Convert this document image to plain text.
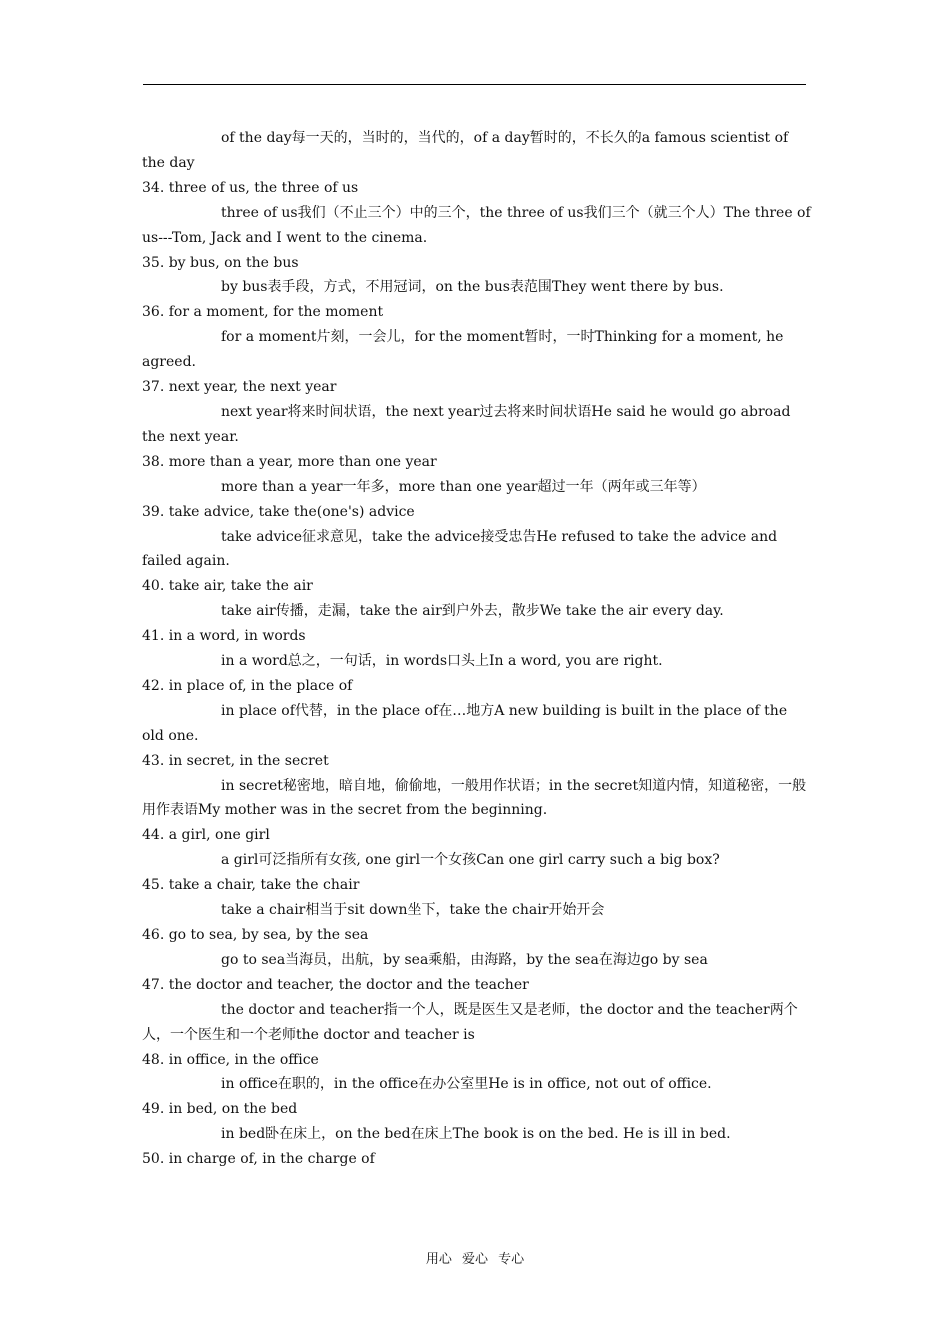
of the day每一天的，当时的，当代的，of a day暂时的，不长久的a famous scientist of the day

34. three of us, the three of us

three of us我们（不止三个）中的三个，the three of us我们三个（就三个人）The three of us---Tom, Jack and I went to the cinema.

35. by bus, on the bus

by bus表手段，方式，不用冠词，on the bus表范围They went there by bus.

36. for a moment, for the moment

for a moment片刻，一会儿，for the moment暂时，一时Thinking for a moment, he agreed.

37. next year, the next year

next year将来时间状语，the next year过去将来时间状语He said he would go abroad the next year.

38. more than a year, more than one year

more than a year一年多，more than one year超过一年（两年或三年等）

39. take advice, take the(one's) advice

take advice征求意见，take the advice接受忠告He refused to take the advice and failed again.

40. take air, take the air

take air传播，走漏，take the air到户外去，散步We take the air every day.

41. in a word, in words

in a word总之，一句话，in words口头上In a word, you are right.

42. in place of, in the place of

in place of代替，in the place of在…地方A new building is built in the place of the old one.

43. in secret, in the secret

in secret秘密地，暗自地，偷偷地，一般用作状语；in the secret知道内情，知道秘密，一般用作表语My mother was in the secret from the beginning.

44. a girl, one girl

a girl可泛指所有女孩, one girl一个女孩Can one girl carry such a big box?

45. take a chair, take the chair

take a chair相当于sit down坐下，take the chair开始开会

46. go to sea, by sea, by the sea

go to sea当海员，出航，by sea乘船，由海路，by the sea在海边go by sea

47. the doctor and teacher, the doctor and the teacher

the doctor and teacher指一个人，既是医生又是老师，the doctor and the teacher两个人，一个医生和一个老师the doctor and teacher is

48. in office, in the office

in office在职的，in the office在办公室里He is in office, not out of office.

49. in bed, on the bed

in bed卧在床上，on the bed在床上The book is on the bed. He is ill in bed.

50. in charge of, in the charge of

用心 爱心 专心
